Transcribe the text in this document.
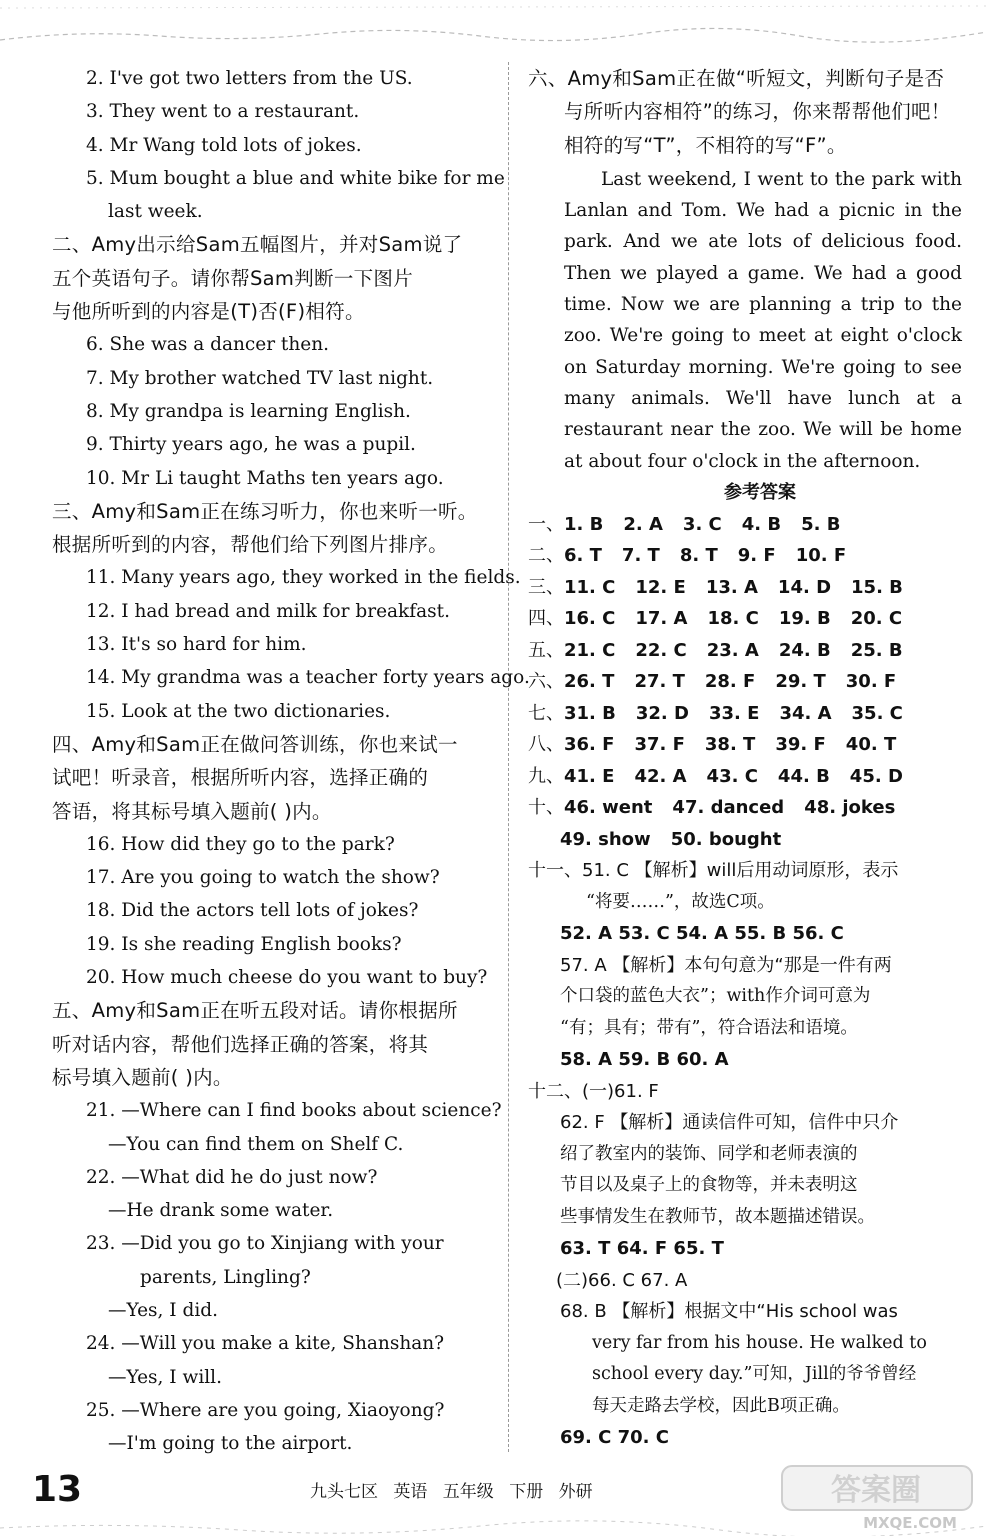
2. I've got two letters from the US.
3. They went to a restaurant.
4. Mr Wang told lots of jokes.
5. Mum bought a blue and white bike for me
last week.
二、Amy出示给Sam五幅图片，并对Sam说了
五个英语句子。请你帮Sam判断一下图片
与他所听到的内容是(T)否(F)相符。
6. She was a dancer then.
7. My brother watched TV last night.
8. My grandpa is learning English.
9. Thirty years ago, he was a pupil.
10. Mr Li taught Maths ten years ago.
三、Amy和Sam正在练习听力，你也来听一听。
根据所听到的内容，帮他们给下列图片排序。
11. Many years ago, they worked in the fields.
12. I had bread and milk for breakfast.
13. It's so hard for him.
14. My grandma was a teacher forty years ago.
15. Look at the two dictionaries.
四、Amy和Sam正在做问答训练，你也来试一
试吧！听录音，根据所听内容，选择正确的
答语，将其标号填入题前( )内。
16. How did they go to the park?
17. Are you going to watch the show?
18. Did the actors tell lots of jokes?
19. Is she reading English books?
20. How much cheese do you want to buy?
五、Amy和Sam正在听五段对话。请你根据所
听对话内容，帮他们选择正确的答案，将其
标号填入题前( )内。
21. —Where can I find books about science?
—You can find them on Shelf C.
22. —What did he do just now?
—He drank some water.
23. —Did you go to Xinjiang with your
parents, Lingling?
—Yes, I did.
24. —Will you make a kite, Shanshan?
—Yes, I will.
25. —Where are you going, Xiaoyong?
—I'm going to the airport.
六、Amy和Sam正在做“听短文，判断句子是否
与所听内容相符”的练习，你来帮帮他们吧！
相符的写“T”，不相符的写“F”。
Last weekend, I went to the park with Lanlan and Tom. We had a picnic in the park. And we ate lots of delicious food. Then we played a game. We had a good time. Now we are planning a trip to the zoo. We're going to meet at eight o'clock on Saturday morning. We're going to see many animals. We'll have lunch at a restaurant near the zoo. We will be home at about four o'clock in the afternoon.
参考答案
一、1. B 2. A 3. C 4. B 5. B
二、6. T 7. T 8. T 9. F 10. F
三、11. C 12. E 13. A 14. D 15. B
四、16. C 17. A 18. C 19. B 20. C
五、21. C 22. C 23. A 24. B 25. B
六、26. T 27. T 28. F 29. T 30. F
七、31. B 32. D 33. E 34. A 35. C
八、36. F 37. F 38. T 39. F 40. T
九、41. E 42. A 43. C 44. B 45. D
十、46. went 47. danced 48. jokes
49. show 50. bought
十一、51. C 【解析】will后用动词原形，表示
“将要……”，故选C项。
52. A 53. C 54. A 55. B 56. C
57. A 【解析】本句句意为“那是一件有两
个口袋的蓝色大衣”；with作介词可意为
“有；具有；带有”，符合语法和语境。
58. A 59. B 60. A
十二、(一)61. F
62. F 【解析】通读信件可知，信件中只介
绍了教室内的装饰、同学和老师表演的
节目以及桌子上的食物等，并未表明这
些事情发生在教师节，故本题描述错误。
63. T 64. F 65. T
(二)66. C 67. A
68. B 【解析】根据文中“His school was
very far from his house. He walked to
school every day.”可知，Jill的爷爷曾经
每天走路去学校，因此B项正确。
69. C 70. C
13	九头七区 英语 五年级 下册 外研	答案圈
MXQE.COM
